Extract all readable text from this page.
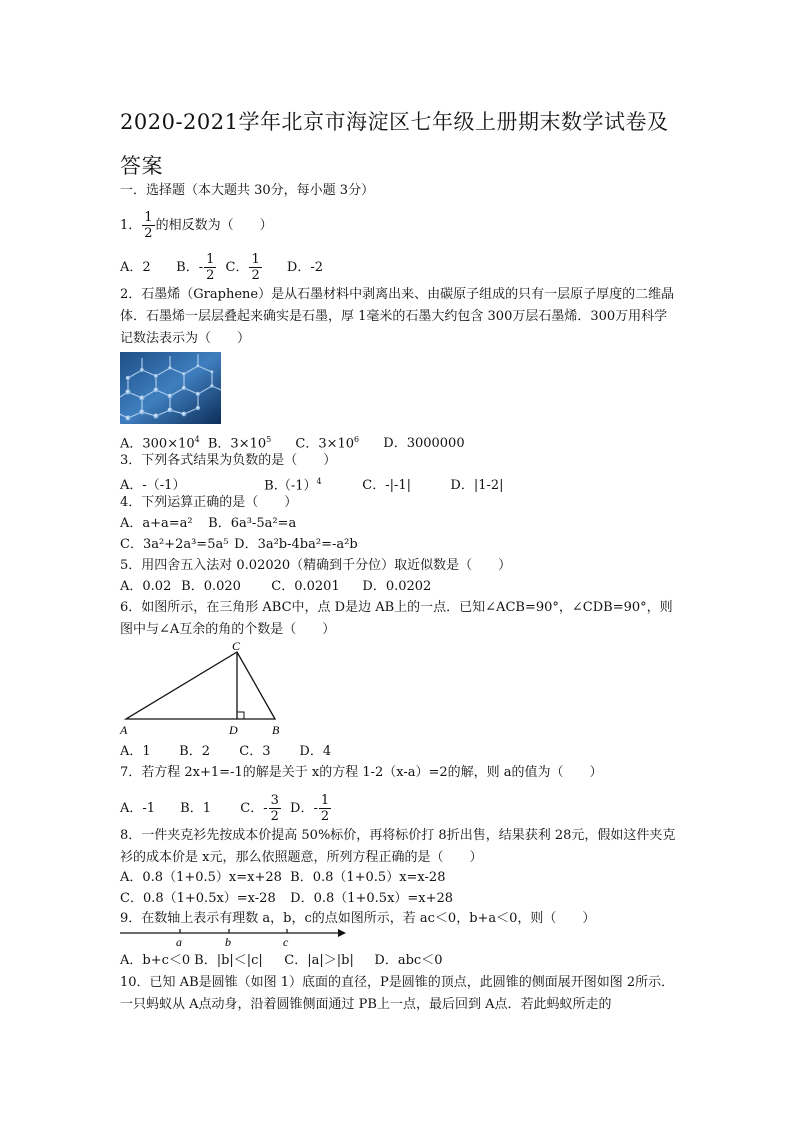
2020-2021学年北京市海淀区七年级上册期末数学试卷及答案
一．选择题（本大题共 30分，每小题 3分）
1． $\frac{1}{2}$ 的相反数为（　　）
A．2 B．- $\frac{1}{2}$ C． $\frac{1}{2}$ D．-2
2．石墨烯（Graphene）是从石墨材料中剥离出来、由碳原子组成的只有一层原子厚度的二维晶体．石墨烯一层层叠起来确实是石墨，厚 1毫米的石墨大约包含 300万层石墨烯．300万用科学记数法表示为（　　）
A．$300\times 10^4$ B．$3\times 10^5$ C．$3\times 10^6$ D．3000000
3．下列各式结果为负数的是（　　）
A．-（-1）	$B.(-1)^4$	C．-|-1|	D．|1-2|
4．下列运算正确的是（　　）
A．a+a=a² B．6a³-5a²=a
C．3a²+2a³=5a⁵ D．3a²b-4ba²=-a²b
5．用四舍五入法对 0.02020（精确到千分位）取近似数是（　　）
A．0.02 B．0.020 C．0.0201 D．0.0202
6．如图所示，在三角形 ABC中，点 D是边 AB上的一点．已知∠ACB=90°，∠CDB=90°，则图中与∠A互余的角的个数是（　　）
C
A	D	B
A．1 B．2 C．3 D．4
7．若方程 2x+1=-1的解是关于 x的方程 1-2（x-a）=2的解，则 a的值为（　　）
A．-1 B．1 C．- $\frac{3}{2}$ D．- $\frac{1}{2}$
8．一件夹克衫先按成本价提高 50%标价，再将标价打 8折出售，结果获利 28元，假如这件夹克衫的成本价是 x元，那么依照题意，所列方程正确的是（　　）
A．0.8（1+0.5）x=x+28 B．0.8（1+0.5）x=x-28
C．0.8（1+0.5x）=x-28 D．0.8（1+0.5x）=x+28
9．在数轴上表示有理数 a，b，c的点如图所示，若 ac＜0，b+a＜0，则（　　）
a	b	c
A．b+c＜0 B．|b|＜|c| C．|a|＞|b| D．abc＜0
10．已知 AB是圆锥（如图 1）底面的直径，P是圆锥的顶点，此圆锥的侧面展开图如图 2所示．一只蚂蚁从 A点动身，沿着圆锥侧面通过 PB上一点，最后回到 A点．若此蚂蚁所走的
